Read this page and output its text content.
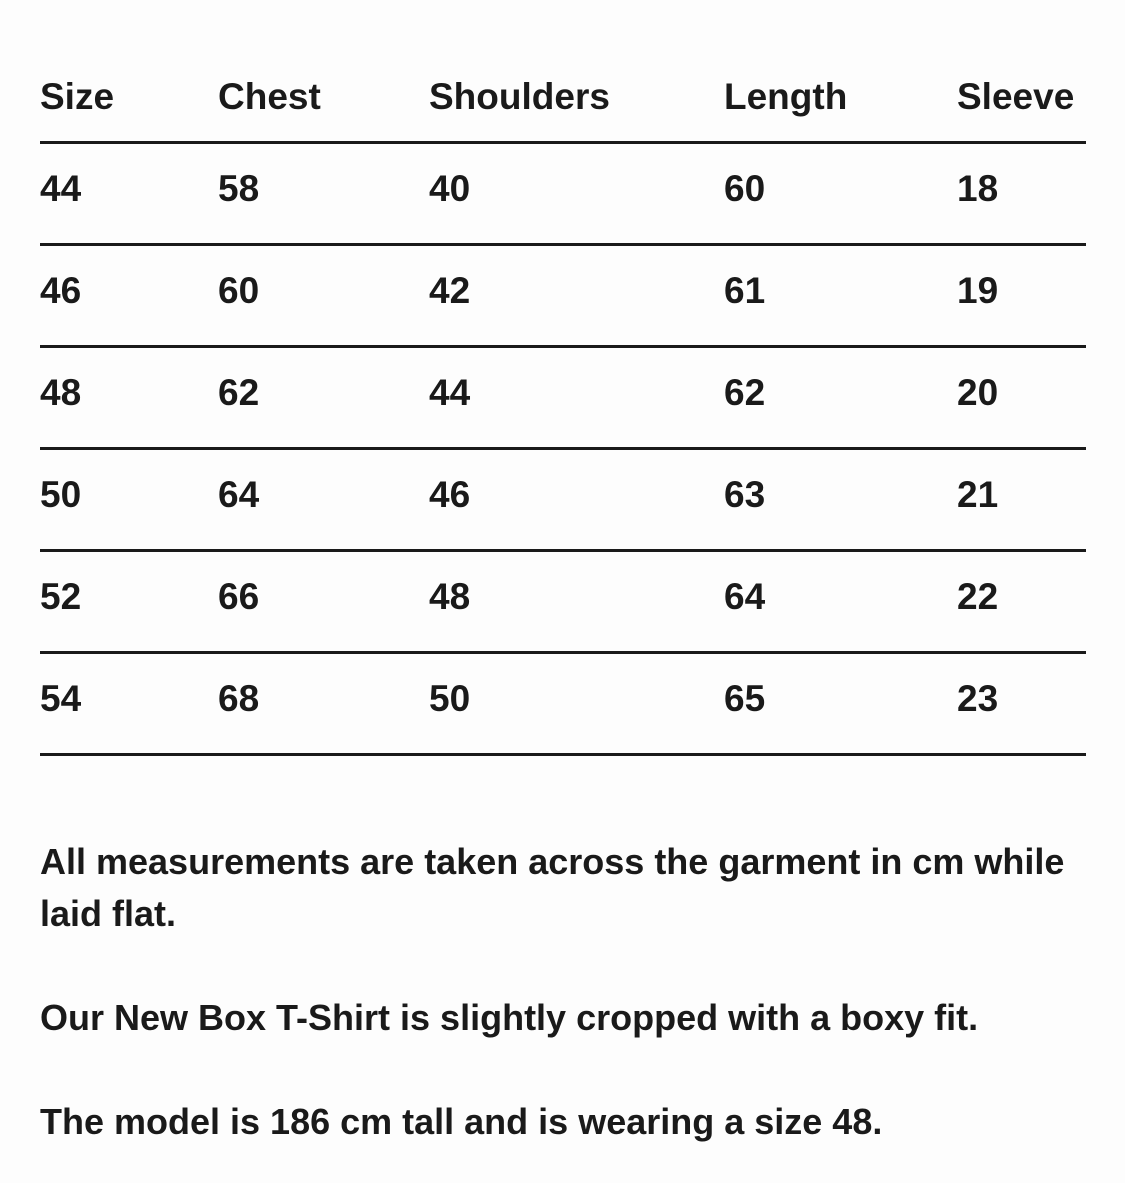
Size	Chest	Shoulders	Length	Sleeve
44	58	40	60	18
46	60	42	61	19
48	62	44	62	20
50	64	46	63	21
52	66	48	64	22
54	68	50	65	23

All measurements are taken across the garment in cm while laid flat.

Our New Box T-Shirt is slightly cropped with a boxy fit.

The model is 186 cm tall and is wearing a size 48.
